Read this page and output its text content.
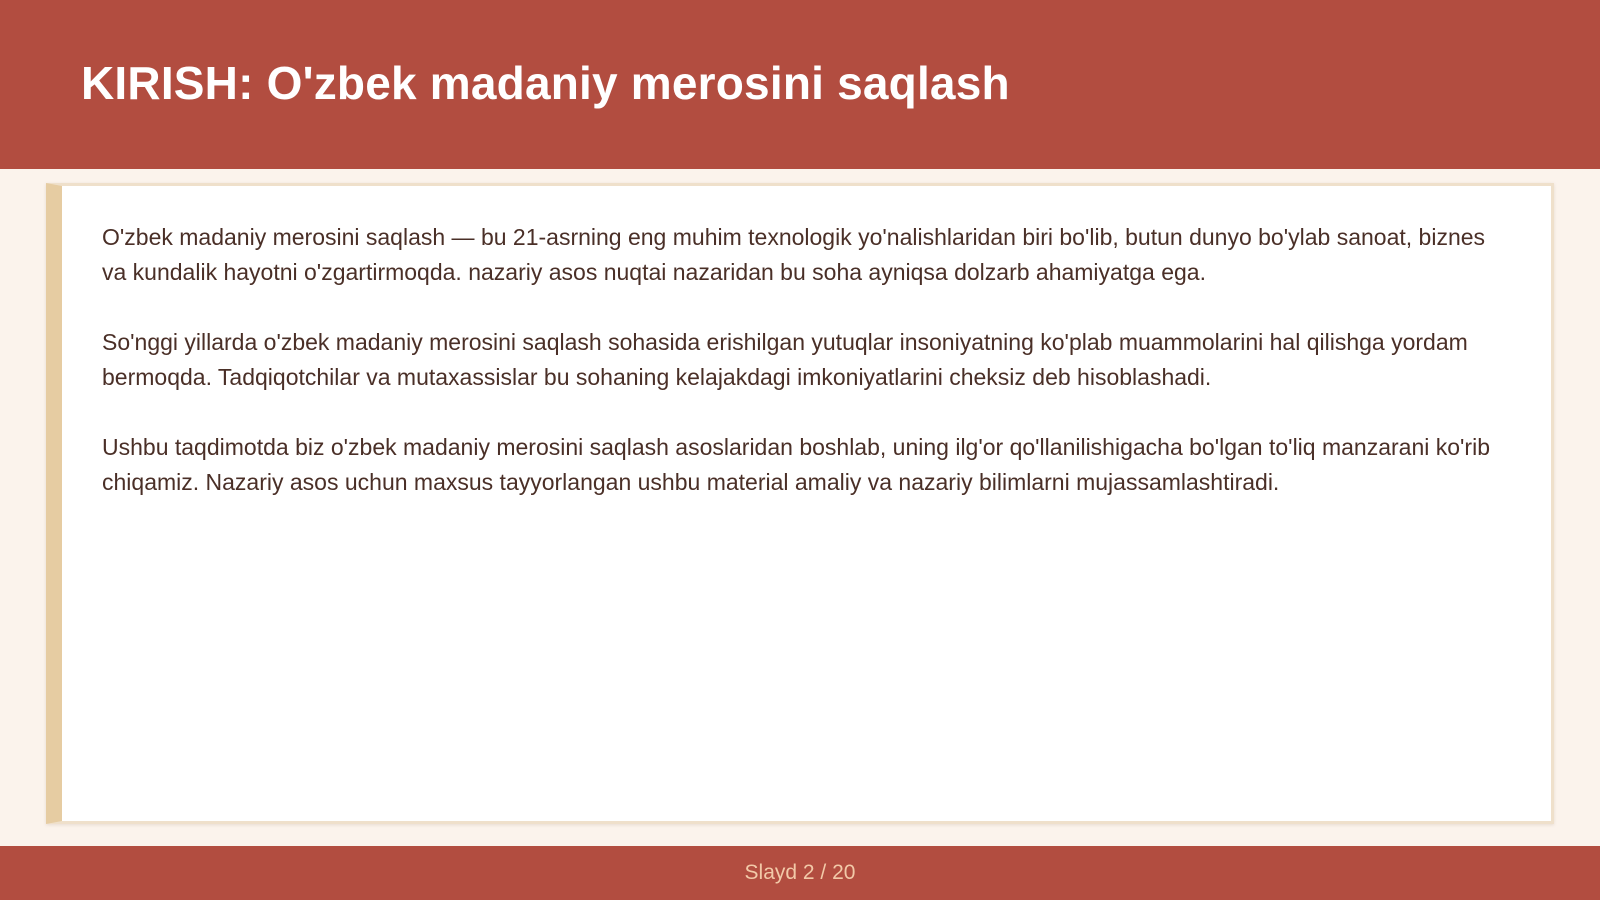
KIRISH: O'zbek madaniy merosini saqlash

O'zbek madaniy merosini saqlash — bu 21-asrning eng muhim texnologik yo'nalishlaridan biri bo'lib, butun dunyo bo'ylab sanoat, biznes va kundalik hayotni o'zgartirmoqda. nazariy asos nuqtai nazaridan bu soha ayniqsa dolzarb ahamiyatga ega.

So'nggi yillarda o'zbek madaniy merosini saqlash sohasida erishilgan yutuqlar insoniyatning ko'plab muammolarini hal qilishga yordam bermoqda. Tadqiqotchilar va mutaxassislar bu sohaning kelajakdagi imkoniyatlarini cheksiz deb hisoblashadi.

Ushbu taqdimotda biz o'zbek madaniy merosini saqlash asoslaridan boshlab, uning ilg'or qo'llanilishigacha bo'lgan to'liq manzarani ko'rib chiqamiz. Nazariy asos uchun maxsus tayyorlangan ushbu material amaliy va nazariy bilimlarni mujassamlashtiradi.

Slayd 2 / 20
